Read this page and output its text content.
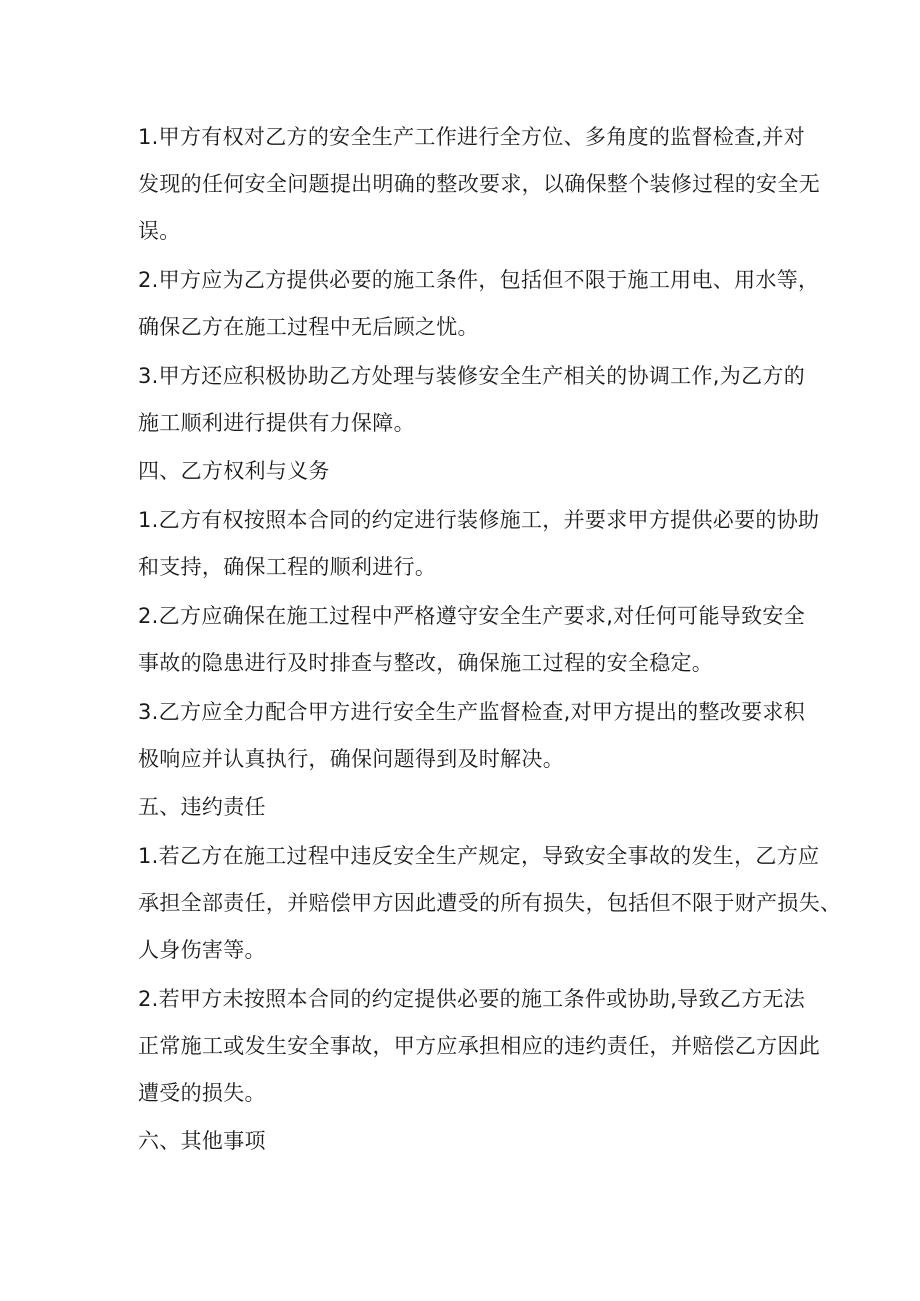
1 . 甲 方 有 权 对 乙 方 的 安 全 生 产 工 作 进 行 全 方 位 、 多 角 度 的 监 督 检 查 , 并 对
发 现 的 任 何 安 全 问 题 提 出 明 确 的 整 改 要 求 ， 以 确 保 整 个 装 修 过 程 的 安 全 无
误。
2 . 甲 方 应 为 乙 方 提 供 必 要 的 施 工 条 件 ， 包 括 但 不 限 于 施 工 用 电 、 用 水 等 ，
确保乙方在施工过程中无后顾之忧。
3 . 甲 方 还 应 积 极 协 助 乙 方 处 理 与 装 修 安 全 生 产 相 关 的 协 调 工 作 , 为 乙 方 的
施工顺利进行提供有力保障。
四、乙方权利与义务
1 . 乙 方 有 权 按 照 本 合 同 的 约 定 进 行 装 修 施 工 ， 并 要 求 甲 方 提 供 必 要 的 协 助
和支持，确保工程的顺利进行。
2 . 乙 方 应 确 保 在 施 工 过 程 中 严 格 遵 守 安 全 生 产 要 求 , 对 任 何 可 能 导 致 安 全
事故的隐患进行及时排查与整改，确保施工过程的安全稳定。
3 . 乙 方 应 全 力 配 合 甲 方 进 行 安 全 生 产 监 督 检 查 , 对 甲 方 提 出 的 整 改 要 求 积
极响应并认真执行，确保问题得到及时解决。
五、违约责任
1 . 若 乙 方 在 施 工 过 程 中 违 反 安 全 生 产 规 定 ， 导 致 安 全 事 故 的 发 生 ， 乙 方 应
承 担 全 部 责 任 ， 并 赔 偿 甲 方 因 此 遭 受 的 所 有 损 失 ， 包 括 但 不 限 于 财 产 损 失 、
人身伤害等。
2 . 若 甲 方 未 按 照 本 合 同 的 约 定 提 供 必 要 的 施 工 条 件 或 协 助 , 导 致 乙 方 无 法
正 常 施 工 或 发 生 安 全 事 故 ， 甲 方 应 承 担 相 应 的 违 约 责 任 ， 并 赔 偿 乙 方 因 此
遭受的损失。
六、其他事项
